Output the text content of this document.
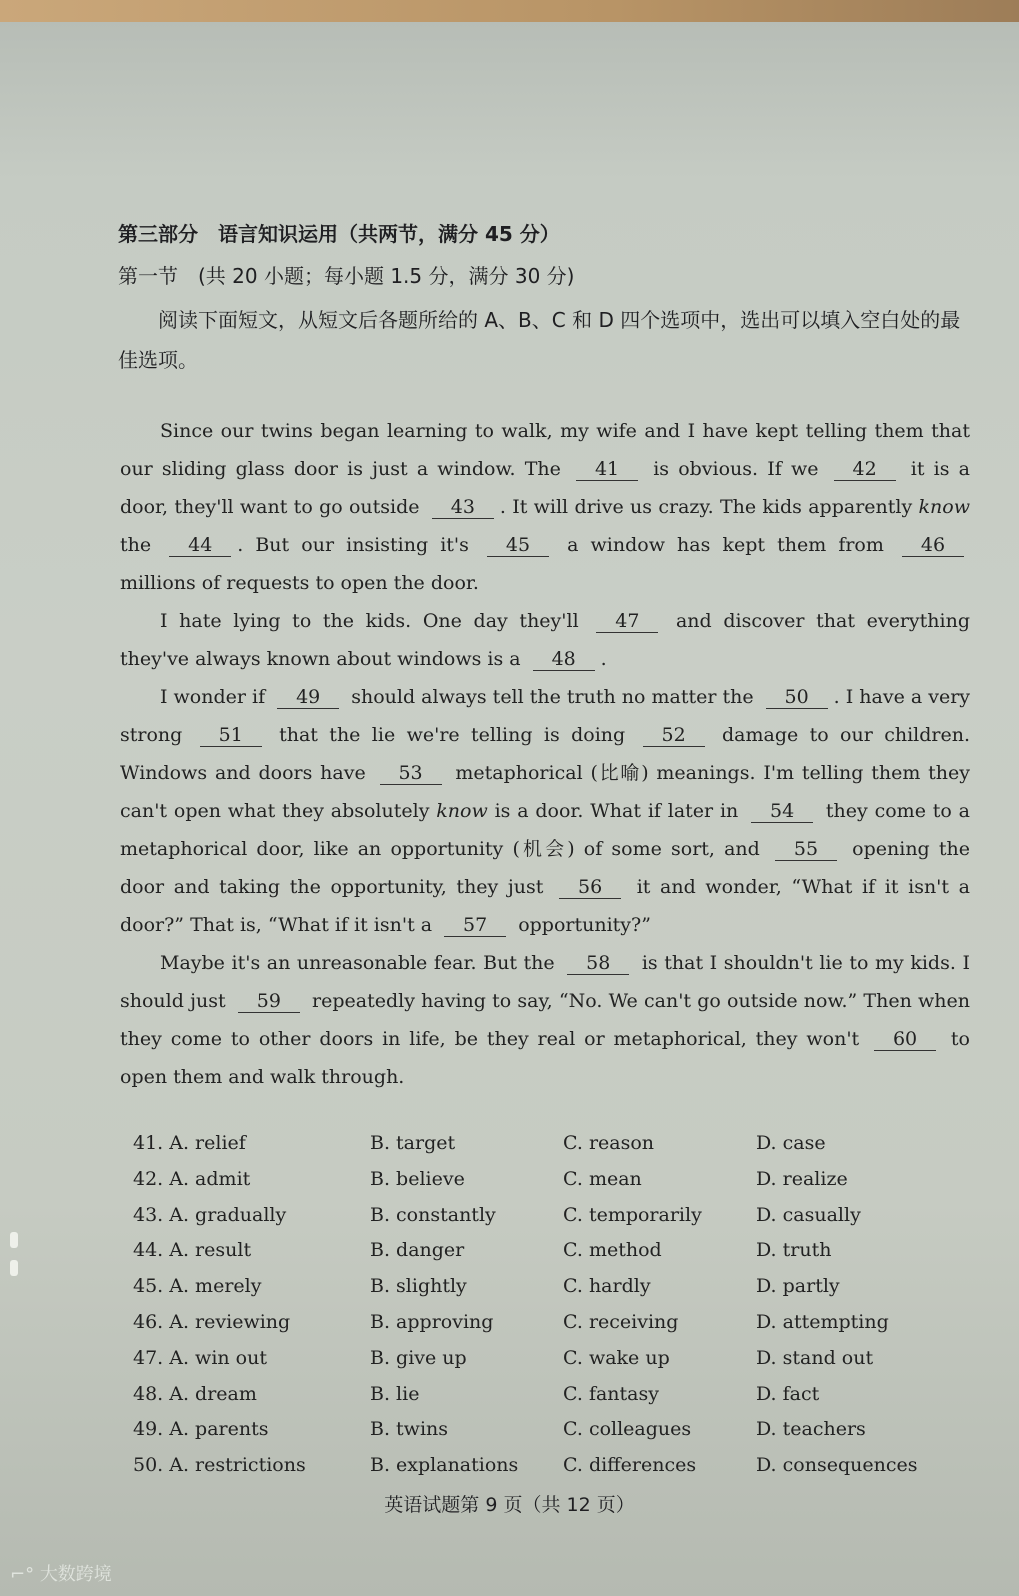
第三部分　语言知识运用（共两节，满分 45 分）
第一节　(共 20 小题；每小题 1.5 分，满分 30 分)
阅读下面短文，从短文后各题所给的 A、B、C 和 D 四个选项中，选出可以填入空白处的最佳选项。

Since our twins began learning to walk, my wife and I have kept telling them that our sliding glass door is just a window. The 41 is obvious. If we 42 it is a door, they'll want to go outside 43 . It will drive us crazy. The kids apparently know the 44 . But our insisting it's 45 a window has kept them from 46 millions of requests to open the door.

I hate lying to the kids. One day they'll 47 and discover that everything they've always known about windows is a 48 .

I wonder if 49 should always tell the truth no matter the 50 . I have a very strong 51 that the lie we're telling is doing 52 damage to our children. Windows and doors have 53 metaphorical (比喻) meanings. I'm telling them they can't open what they absolutely know is a door. What if later in 54 they come to a metaphorical door, like an opportunity (机会) of some sort, and 55 opening the door and taking the opportunity, they just 56 it and wonder, “What if it isn't a door?” That is, “What if it isn't a 57 opportunity?”

Maybe it's an unreasonable fear. But the 58 is that I shouldn't lie to my kids. I should just 59 repeatedly having to say, “No. We can't go outside now.” Then when they come to other doors in life, be they real or metaphorical, they won't 60 to open them and walk through.

41. A. relief	B. target	C. reason	D. case
42. A. admit	B. believe	C. mean	D. realize
43. A. gradually	B. constantly	C. temporarily	D. casually
44. A. result	B. danger	C. method	D. truth
45. A. merely	B. slightly	C. hardly	D. partly
46. A. reviewing	B. approving	C. receiving	D. attempting
47. A. win out	B. give up	C. wake up	D. stand out
48. A. dream	B. lie	C. fantasy	D. fact
49. A. parents	B. twins	C. colleagues	D. teachers
50. A. restrictions	B. explanations C. differences	D. consequences
英语试题第 9 页（共 12 页）
⌐° 大数跨境
